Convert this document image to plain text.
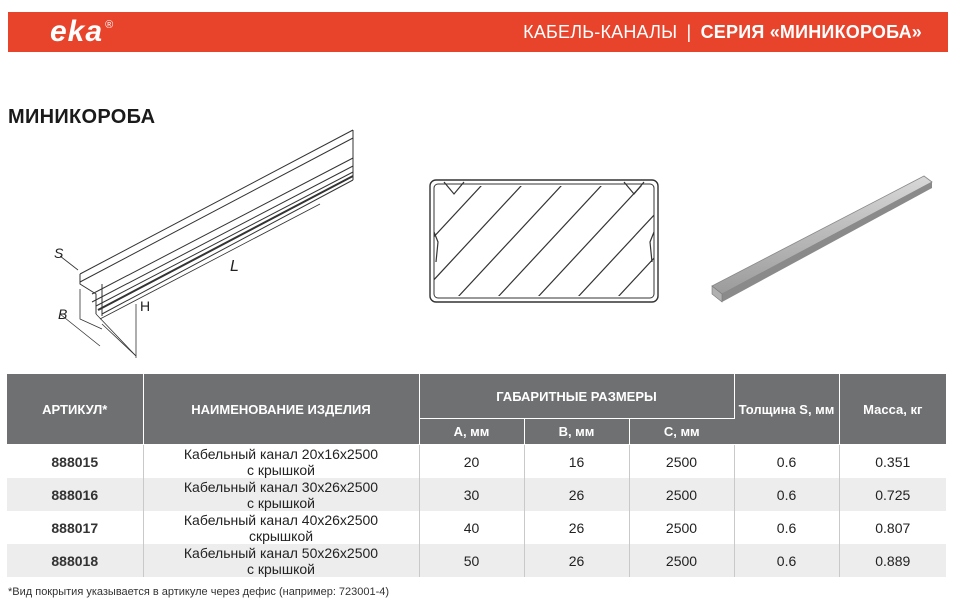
eka ®	КАБЕЛЬ-КАНАЛЫ | СЕРИЯ «МИНИКОРОБА»
МИНИКОРОБА
S
B	H
L
АРТИКУЛ*	НАИМЕНОВАНИЕ ИЗДЕЛИЯ	ГАБАРИТНЫЕ РАЗМЕРЫ			Толщина S, мм	Масса, кг
		A, мм	B, мм	C, мм		
888015	Кабельный канал 20х16х2500
с крышкой	20	16	2500	0.6	0.351
888016	Кабельный канал 30х26х2500
с крышкой	30	26	2500	0.6	0.725
888017	Кабельный канал 40х26х2500
скрышкой	40	26	2500	0.6	0.807
888018	Кабельный канал 50х26х2500
с крышкой	50	26	2500	0.6	0.889
*Вид покрытия указывается в артикуле через дефис (например: 723001-4)
